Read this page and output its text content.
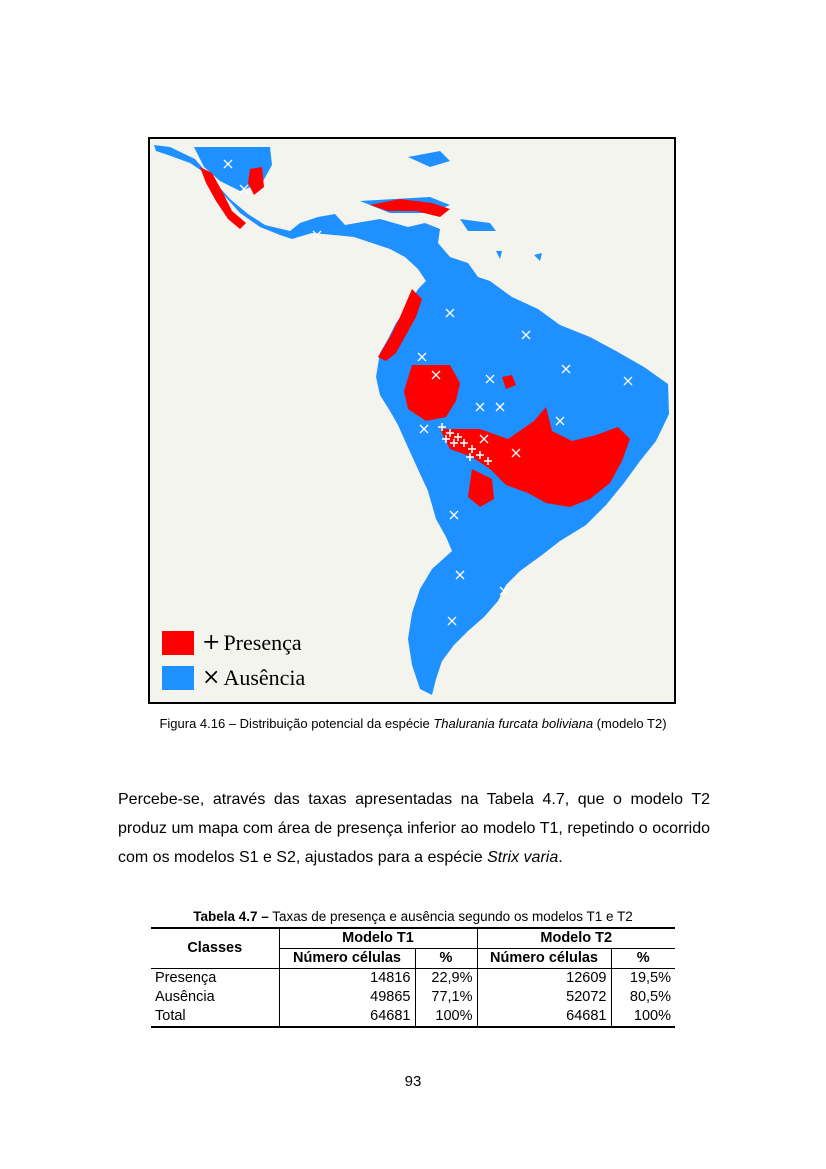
+ Presença
× Ausência
Figura 4.16 – Distribuição potencial da espécie Thalurania furcata boliviana (modelo T2)
Percebe-se, através das taxas apresentadas na Tabela 4.7, que o modelo T2 produz um mapa com área de presença inferior ao modelo T1, repetindo o ocorrido com os modelos S1 e S2, ajustados para a espécie Strix varia.
Tabela 4.7 – Taxas de presença e ausência segundo os modelos T1 e T2
Classes	Modelo T1		Modelo T2	
	Número células	%	Número células	%
Presença	14816	22,9%	12609	19,5%
Ausência	49865	77,1%	52072	80,5%
Total	64681	100%	64681	100%
93
